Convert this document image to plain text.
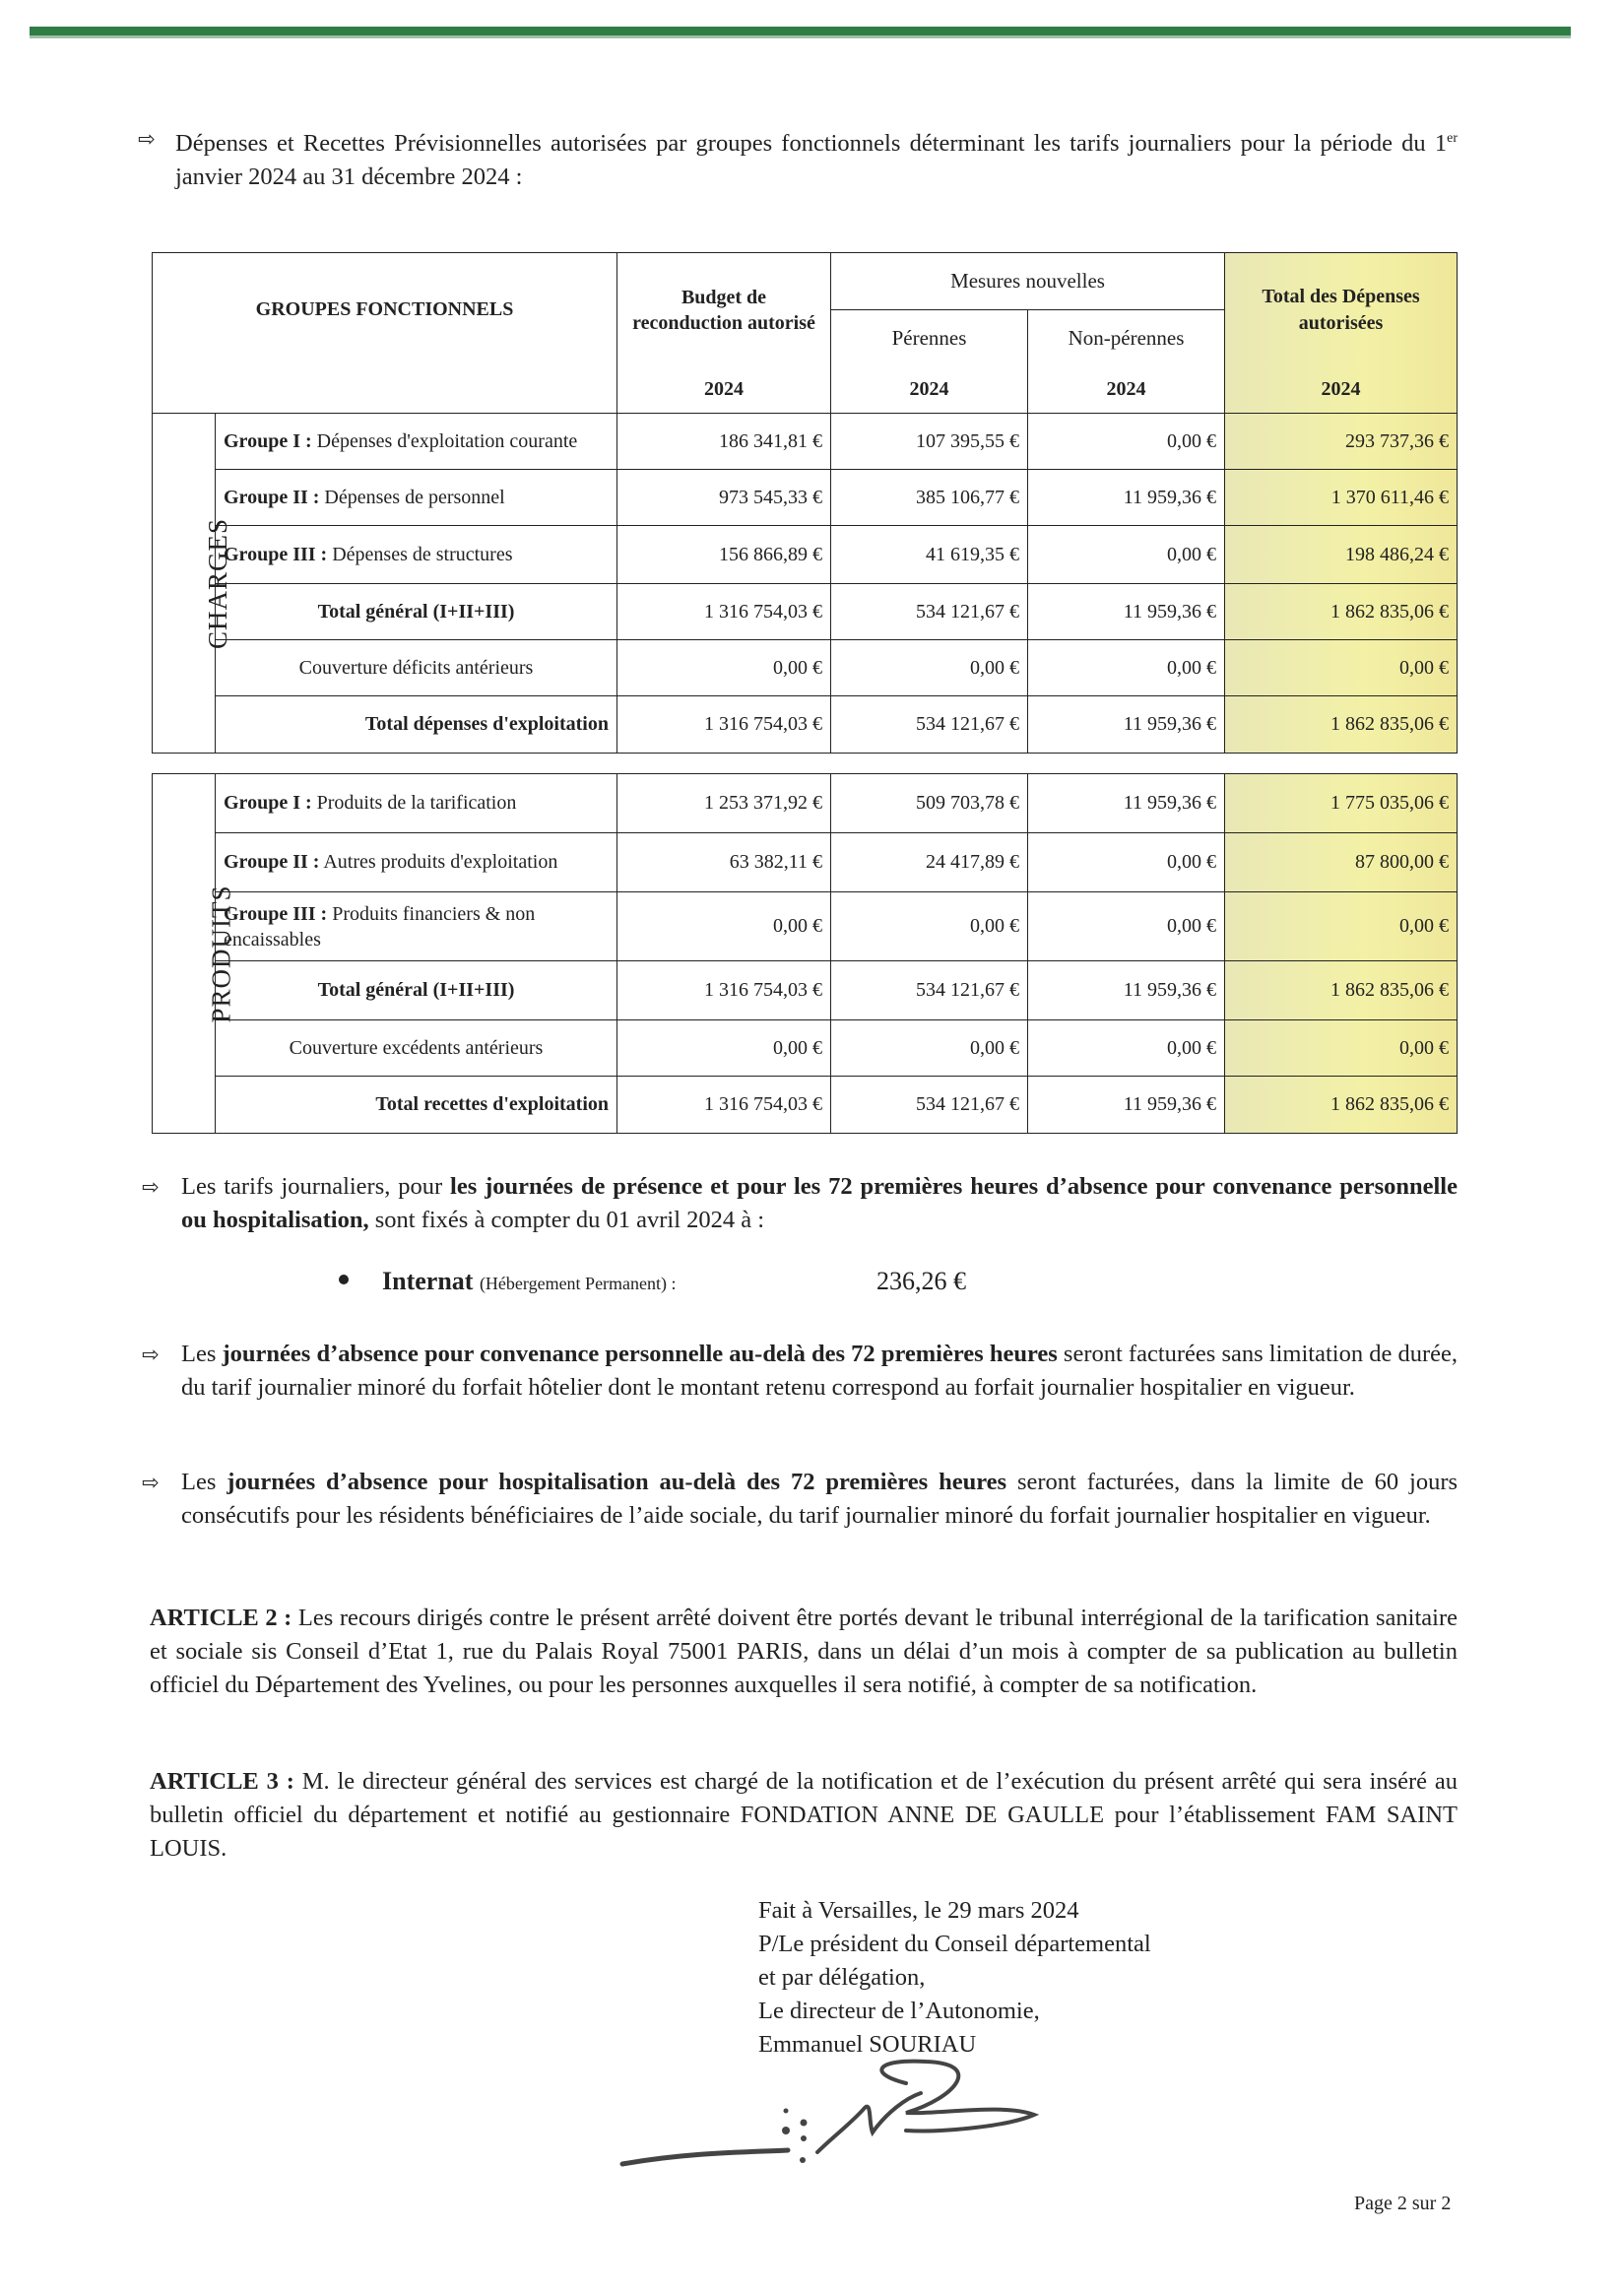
⇨ Dépenses et Recettes Prévisionnelles autorisées par groupes fonctionnels déterminant les tarifs journaliers pour la période du 1er janvier 2024 au 31 décembre 2024 :
GROUPES FONCTIONNELS		Budget de reconduction autorisé	Mesures nouvelles		Total des Dépenses autorisées
			Pérennes	Non-pérennes	
		2024	2024	2024	2024
CHARGES	Groupe I : Dépenses d'exploitation courante	186 341,81 €	107 395,55 €	0,00 €	293 737,36 €
	Groupe II : Dépenses de personnel	973 545,33 €	385 106,77 €	11 959,36 €	1 370 611,46 €
	Groupe III : Dépenses de structures	156 866,89 €	41 619,35 €	0,00 €	198 486,24 €
	Total général (I+II+III)	1 316 754,03 €	534 121,67 €	11 959,36 €	1 862 835,06 €
	Couverture déficits antérieurs	0,00 €	0,00 €	0,00 €	0,00 €
	Total dépenses d'exploitation	1 316 754,03 €	534 121,67 €	11 959,36 €	1 862 835,06 €

PRODUITS	Groupe I : Produits de la tarification	1 253 371,92 €	509 703,78 €	11 959,36 €	1 775 035,06 €
	Groupe II : Autres produits d'exploitation	63 382,11 €	24 417,89 €	0,00 €	87 800,00 €
	Groupe III : Produits financiers & non encaissables	0,00 €	0,00 €	0,00 €	0,00 €
	Total général (I+II+III)	1 316 754,03 €	534 121,67 €	11 959,36 €	1 862 835,06 €
	Couverture excédents antérieurs	0,00 €	0,00 €	0,00 €	0,00 €
	Total recettes d'exploitation	1 316 754,03 €	534 121,67 €	11 959,36 €	1 862 835,06 €
⇨ Les tarifs journaliers, pour les journées de présence et pour les 72 premières heures d’absence pour convenance personnelle ou hospitalisation, sont fixés à compter du 01 avril 2024 à :
Internat (Hébergement Permanent) :	236,26 €
⇨ Les journées d’absence pour convenance personnelle au-delà des 72 premières heures seront facturées sans limitation de durée, du tarif journalier minoré du forfait hôtelier dont le montant retenu correspond au forfait journalier hospitalier en vigueur.
⇨ Les journées d’absence pour hospitalisation au-delà des 72 premières heures seront facturées, dans la limite de 60 jours consécutifs pour les résidents bénéficiaires de l’aide sociale, du tarif journalier minoré du forfait journalier hospitalier en vigueur.
ARTICLE 2 : Les recours dirigés contre le présent arrêté doivent être portés devant le tribunal interrégional de la tarification sanitaire et sociale sis Conseil d’Etat 1, rue du Palais Royal 75001 PARIS, dans un délai d’un mois à compter de sa publication au bulletin officiel du Département des Yvelines, ou pour les personnes auxquelles il sera notifié, à compter de sa notification.
ARTICLE 3 : M. le directeur général des services est chargé de la notification et de l’exécution du présent arrêté qui sera inséré au bulletin officiel du département et notifié au gestionnaire FONDATION ANNE DE GAULLE pour l’établissement FAM SAINT LOUIS.
Fait à Versailles, le 29 mars 2024
P/Le président du Conseil départemental
et par délégation,
Le directeur de l’Autonomie,
Emmanuel SOURIAU
Page 2 sur 2
